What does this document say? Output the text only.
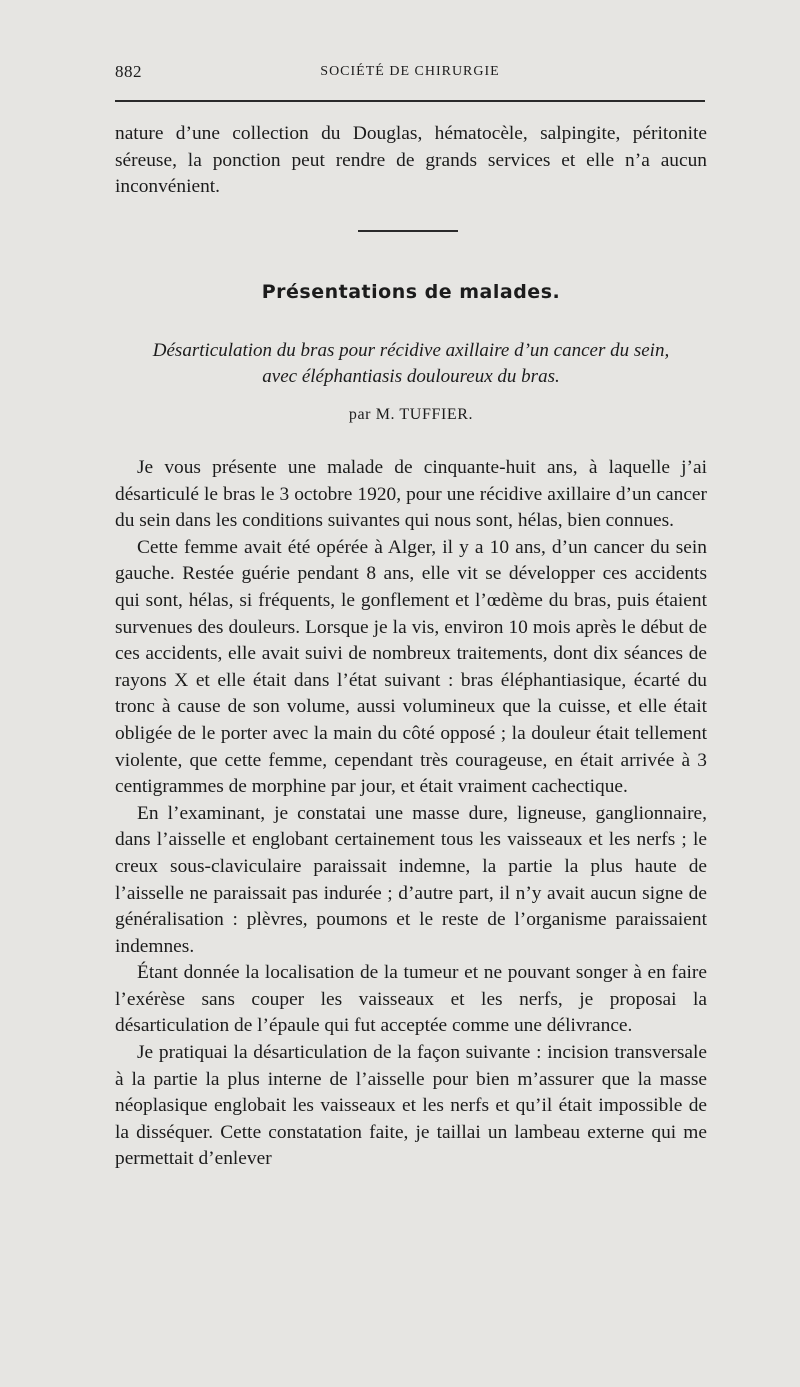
882	SOCIÉTÉ DE CHIRURGIE

nature d’une collection du Douglas, hématocèle, salpingite, péritonite séreuse, la ponction peut rendre de grands services et elle n’a aucun inconvénient.

Présentations de malades.
Désarticulation du bras pour récidive axillaire d’un cancer du sein, avec éléphantiasis douloureux du bras.
par M. TUFFIER.

Je vous présente une malade de cinquante-huit ans, à laquelle j’ai désarticulé le bras le 3 octobre 1920, pour une récidive axillaire d’un cancer du sein dans les conditions suivantes qui nous sont, hélas, bien connues.

Cette femme avait été opérée à Alger, il y a 10 ans, d’un cancer du sein gauche. Restée guérie pendant 8 ans, elle vit se développer ces accidents qui sont, hélas, si fréquents, le gonflement et l’œdème du bras, puis étaient survenues des douleurs. Lorsque je la vis, environ 10 mois après le début de ces accidents, elle avait suivi de nombreux traitements, dont dix séances de rayons X et elle était dans l’état suivant : bras éléphantiasique, écarté du tronc à cause de son volume, aussi volumineux que la cuisse, et elle était obligée de le porter avec la main du côté opposé ; la douleur était tellement violente, que cette femme, cependant très courageuse, en était arrivée à 3 centigrammes de morphine par jour, et était vraiment cachectique.

En l’examinant, je constatai une masse dure, ligneuse, ganglionnaire, dans l’aisselle et englobant certainement tous les vaisseaux et les nerfs ; le creux sous-claviculaire paraissait indemne, la partie la plus haute de l’aisselle ne paraissait pas indurée ; d’autre part, il n’y avait aucun signe de généralisation : plèvres, poumons et le reste de l’organisme paraissaient indemnes.

Étant donnée la localisation de la tumeur et ne pouvant songer à en faire l’exérèse sans couper les vaisseaux et les nerfs, je proposai la désarticulation de l’épaule qui fut acceptée comme une délivrance.

Je pratiquai la désarticulation de la façon suivante : incision transversale à la partie la plus interne de l’aisselle pour bien m’assurer que la masse néoplasique englobait les vaisseaux et les nerfs et qu’il était impossible de la disséquer. Cette constatation faite, je taillai un lambeau externe qui me permettait d’enlever
